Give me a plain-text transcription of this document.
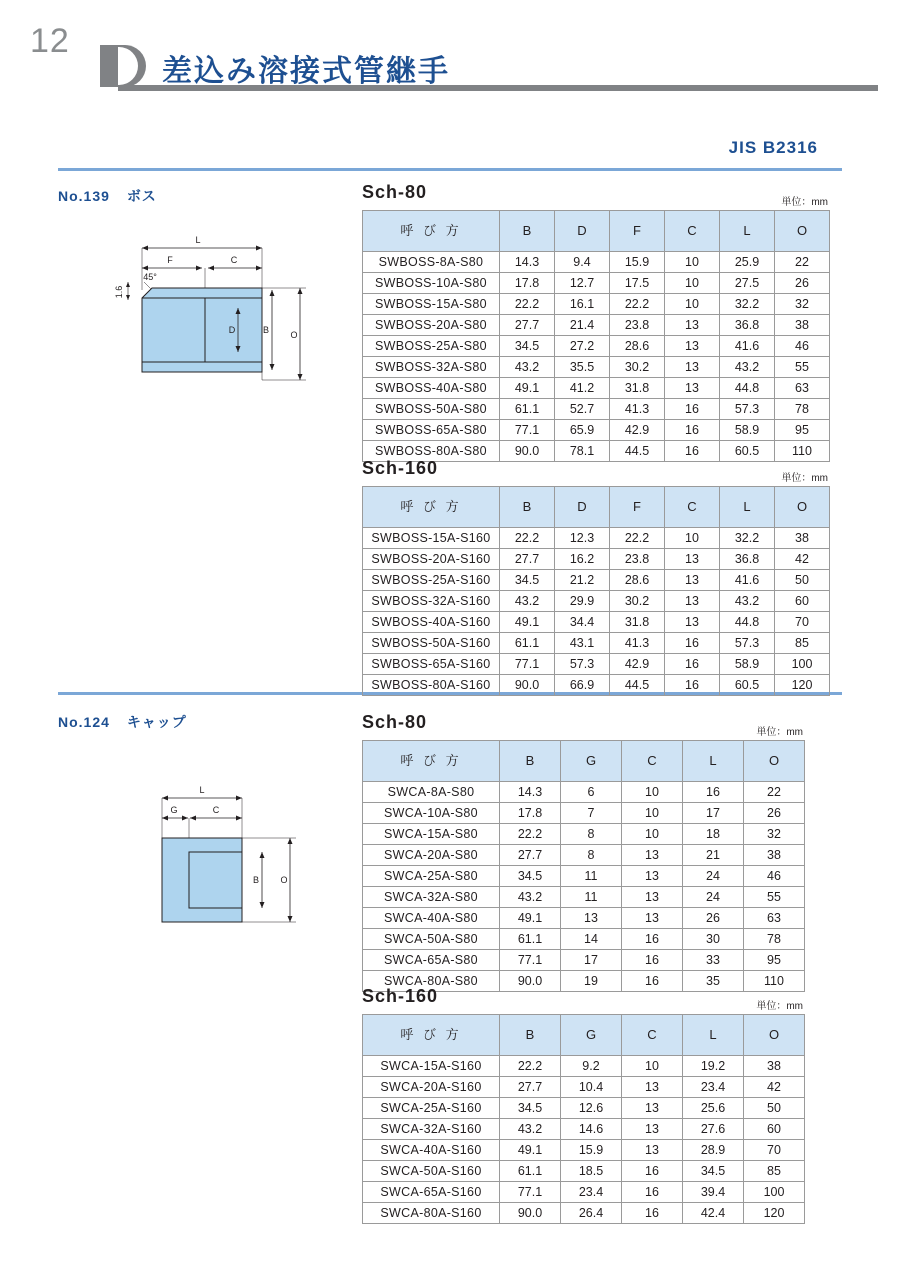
12
差込み溶接式管継手
JIS B2316
No.139 ボス
L
F	C
1.6
45°
D	B O
Sch-80
単位：mm
呼 び 方	B	D	F	C	L	O
SWBOSS-8A-S80	14.3	9.4	15.9	10	25.9	22
SWBOSS-10A-S80	17.8	12.7	17.5	10	27.5	26
SWBOSS-15A-S80	22.2	16.1	22.2	10	32.2	32
SWBOSS-20A-S80	27.7	21.4	23.8	13	36.8	38
SWBOSS-25A-S80	34.5	27.2	28.6	13	41.6	46
SWBOSS-32A-S80	43.2	35.5	30.2	13	43.2	55
SWBOSS-40A-S80	49.1	41.2	31.8	13	44.8	63
SWBOSS-50A-S80	61.1	52.7	41.3	16	57.3	78
SWBOSS-65A-S80	77.1	65.9	42.9	16	58.9	95
SWBOSS-80A-S80	90.0	78.1	44.5	16	60.5	110
Sch-160
単位：mm
呼 び 方	B	D	F	C	L	O
SWBOSS-15A-S160	22.2	12.3	22.2	10	32.2	38
SWBOSS-20A-S160	27.7	16.2	23.8	13	36.8	42
SWBOSS-25A-S160	34.5	21.2	28.6	13	41.6	50
SWBOSS-32A-S160	43.2	29.9	30.2	13	43.2	60
SWBOSS-40A-S160	49.1	34.4	31.8	13	44.8	70
SWBOSS-50A-S160	61.1	43.1	41.3	16	57.3	85
SWBOSS-65A-S160	77.1	57.3	42.9	16	58.9	100
SWBOSS-80A-S160	90.0	66.9	44.5	16	60.5	120
No.124 キャップ
L
G	C
B O
Sch-80
単位：mm
呼 び 方	B	G	C	L	O
SWCA-8A-S80	14.3	6	10	16	22
SWCA-10A-S80	17.8	7	10	17	26
SWCA-15A-S80	22.2	8	10	18	32
SWCA-20A-S80	27.7	8	13	21	38
SWCA-25A-S80	34.5	11	13	24	46
SWCA-32A-S80	43.2	11	13	24	55
SWCA-40A-S80	49.1	13	13	26	63
SWCA-50A-S80	61.1	14	16	30	78
SWCA-65A-S80	77.1	17	16	33	95
SWCA-80A-S80	90.0	19	16	35	110
Sch-160
単位：mm
呼 び 方	B	G	C	L	O
SWCA-15A-S160	22.2	9.2	10	19.2	38
SWCA-20A-S160	27.7	10.4	13	23.4	42
SWCA-25A-S160	34.5	12.6	13	25.6	50
SWCA-32A-S160	43.2	14.6	13	27.6	60
SWCA-40A-S160	49.1	15.9	13	28.9	70
SWCA-50A-S160	61.1	18.5	16	34.5	85
SWCA-65A-S160	77.1	23.4	16	39.4	100
SWCA-80A-S160	90.0	26.4	16	42.4	120
